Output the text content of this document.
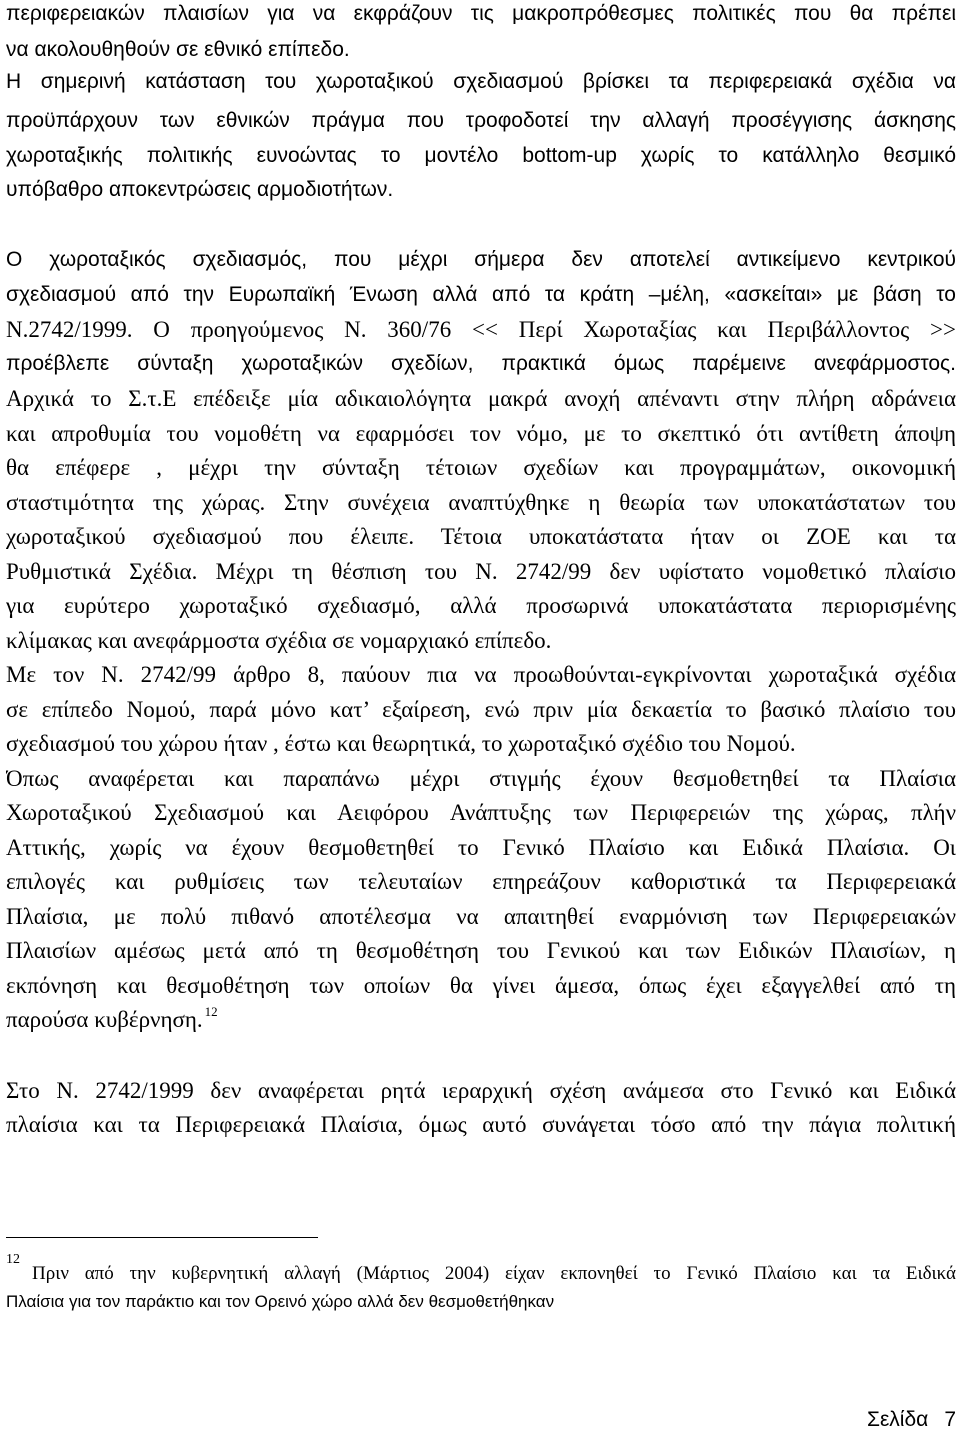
περιφερειακών πλαισίων για να εκφράζουν τις μακροπρόθεσμες πολιτικές που θα πρέπει
να ακολουθηθούν σε εθνικό επίπεδο.
Η σημερινή κατάσταση του χωροταξικού σχεδιασμού βρίσκει τα περιφερειακά σχέδια να
προϋπάρχουν των εθνικών πράγμα που τροφοδοτεί την αλλαγή προσέγγισης άσκησης
χωροταξικής πολιτικής ευνοώντας το μοντέλο bottom-up χωρίς το κατάλληλο θεσμικό
υπόβαθρο αποκεντρώσεις αρμοδιοτήτων.
Ο χωροταξικός σχεδιασμός, που μέχρι σήμερα δεν αποτελεί αντικείμενο κεντρικού
σχεδιασμού από την Ευρωπαϊκή Ένωση αλλά από τα κράτη –μέλη, «ασκείται» με βάση το
Ν.2742/1999. Ο προηγούμενος Ν. 360/76 << Περί Χωροταξίας και Περιβάλλοντος >>
προέβλεπε σύνταξη χωροταξικών σχεδίων, πρακτικά όμως παρέμεινε ανεφάρμοστος.
Αρχικά το Σ.τ.Ε επέδειξε μία αδικαιολόγητα μακρά ανοχή απέναντι στην πλήρη αδράνεια
και απροθυμία του νομοθέτη να εφαρμόσει τον νόμο, με το σκεπτικό ότι αντίθετη άποψη
θα επέφερε , μέχρι την σύνταξη τέτοιων σχεδίων και προγραμμάτων, οικονομική
σταστιμότητα της χώρας. Στην συνέχεια αναπτύχθηκε η θεωρία των υποκατάστατων του
χωροταξικού σχεδιασμού που έλειπε. Τέτοια υποκατάστατα ήταν οι ΖΟΕ και τα
Ρυθμιστικά Σχέδια. Μέχρι τη θέσπιση του Ν. 2742/99 δεν υφίστατο νομοθετικό πλαίσιο
για ευρύτερο χωροταξικό σχεδιασμό, αλλά προσωρινά υποκατάστατα περιορισμένης
κλίμακας και ανεφάρμοστα σχέδια σε νομαρχιακό επίπεδο.
Με τον Ν. 2742/99 άρθρο 8, παύουν πια να προωθούνται-εγκρίνονται χωροταξικά σχέδια
σε επίπεδο Νομού, παρά μόνο κατ’ εξαίρεση, ενώ πριν μία δεκαετία το βασικό πλαίσιο του
σχεδιασμού του χώρου ήταν , έστω και θεωρητικά, το χωροταξικό σχέδιο του Νομού.
Όπως αναφέρεται και παραπάνω μέχρι στιγμής έχουν θεσμοθετηθεί τα Πλαίσια
Χωροταξικού Σχεδιασμού και Αειφόρου Ανάπτυξης των Περιφερειών της χώρας, πλήν
Αττικής, χωρίς να έχουν θεσμοθετηθεί το Γενικό Πλαίσιο και Ειδικά Πλαίσια. Οι
επιλογές και ρυθμίσεις των τελευταίων επηρεάζουν καθοριστικά τα Περιφερειακά
Πλαίσια, με πολύ πιθανό αποτέλεσμα να απαιτηθεί εναρμόνιση των Περιφερειακών
Πλαισίων αμέσως μετά από τη θεσμοθέτηση του Γενικού και των Ειδικών Πλαισίων, η
εκπόνηση και θεσμοθέτηση των οποίων θα γίνει άμεσα, όπως έχει εξαγγελθεί από τη
παρούσα κυβέρνηση. $^{12}$
Στο Ν. 2742/1999 δεν αναφέρεται ρητά ιεραρχική σχέση ανάμεσα στο Γενικό και Ειδικά
πλαίσια και τα Περιφερειακά Πλαίσια, όμως αυτό συνάγεται τόσο από την πάγια πολιτική
12
Πριν από την κυβερνητική αλλαγή (Μάρτιος 2004) είχαν εκπονηθεί το Γενικό Πλαίσιο και τα Ειδικά
Πλαίσια για τον παράκτιο και τον Ορεινό χώρο αλλά δεν θεσμοθετήθηκαν
Σελίδα 7
